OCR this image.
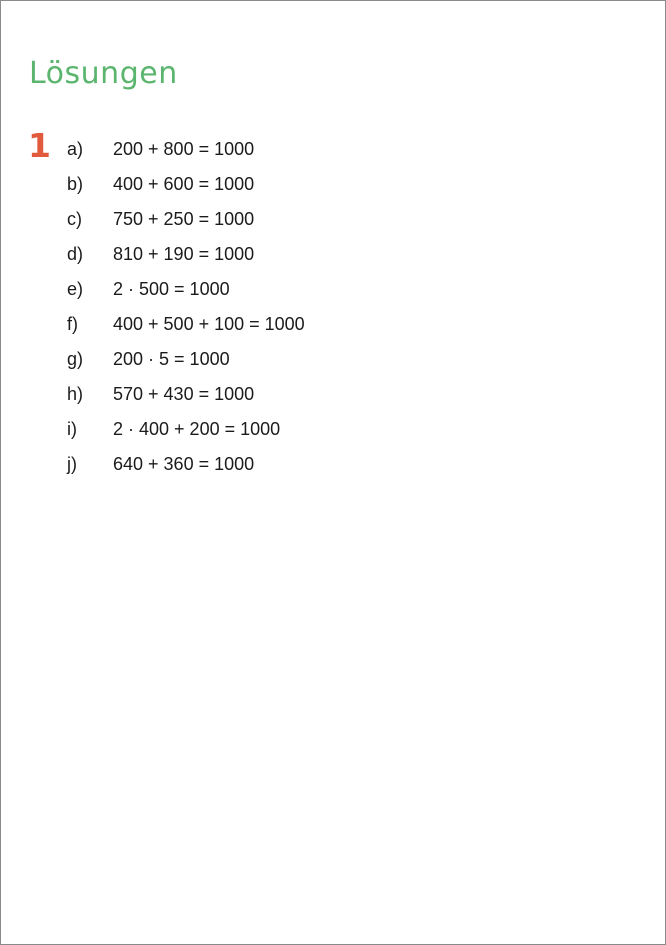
Lösungen
1 a)	200 + 800 = 1000
b)	400 + 600 = 1000
c)	750 + 250 = 1000
d)	810 + 190 = 1000
e)	2 · 500 = 1000
f)	400 + 500 + 100 = 1000
g)	200 · 5 = 1000
h)	570 + 430 = 1000
i)	2 · 400 + 200 = 1000
j)	640 + 360 = 1000
